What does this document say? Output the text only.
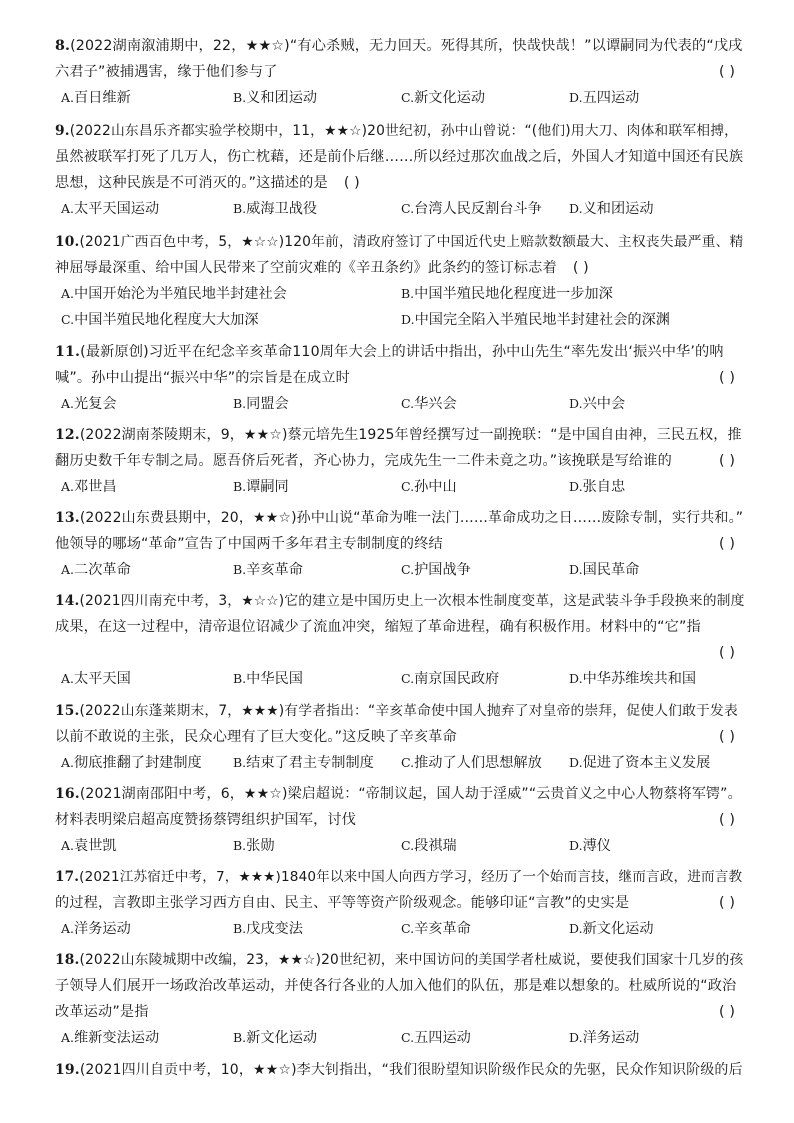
8.(2022湖南溆浦期中，22，★★☆)“有心杀贼，无力回天。死得其所，快哉快哉！”以谭嗣同为代表的“戊戌
六君子”被捕遇害，缘于他们参与了	( )
A.百日维新	B.义和团运动	C.新文化运动	D.五四运动
9.(2022山东昌乐齐都实验学校期中，11，★★☆)20世纪初，孙中山曾说：“(他们)用大刀、肉体和联军相搏，
虽然被联军打死了几万人，伤亡枕藉，还是前仆后继……所以经过那次血战之后，外国人才知道中国还有民族
思想，这种民族是不可消灭的。”这描述的是 ( )
A.太平天国运动	B.威海卫战役	C.台湾人民反割台斗争	D.义和团运动
10.(2021广西百色中考，5，★☆☆)120年前，清政府签订了中国近代史上赔款数额最大、主权丧失最严重、精
神屈辱最深重、给中国人民带来了空前灾难的《辛丑条约》此条约的签订标志着 ( )
A.中国开始沦为半殖民地半封建社会	B.中国半殖民地化程度进一步加深
C.中国半殖民地化程度大大加深	D.中国完全陷入半殖民地半封建社会的深渊
11.(最新原创)习近平在纪念辛亥革命110周年大会上的讲话中指出，孙中山先生“率先发出‘振兴中华’的呐
喊”。孙中山提出“振兴中华”的宗旨是在成立时	( )
A.光复会	B.同盟会	C.华兴会	D.兴中会
12.(2022湖南茶陵期末，9，★★☆)蔡元培先生1925年曾经撰写过一副挽联：“是中国自由神，三民五权，推
翻历史数千年专制之局。愿吾侪后死者，齐心协力，完成先生一二件未竟之功。”该挽联是写给谁的	( )
A.邓世昌	B.谭嗣同	C.孙中山	D.张自忠
13.(2022山东费县期中，20，★★☆)孙中山说“革命为唯一法门……革命成功之日……废除专制，实行共和。”
他领导的哪场“革命”宣告了中国两千多年君主专制制度的终结	( )
A.二次革命	B.辛亥革命	C.护国战争	D.国民革命
14.(2021四川南充中考，3，★☆☆)它的建立是中国历史上一次根本性制度变革，这是武装斗争手段换来的制度
成果，在这一过程中，清帝退位诏减少了流血冲突，缩短了革命进程，确有积极作用。材料中的“它”指
( )
A.太平天国	B.中华民国	C.南京国民政府	D.中华苏维埃共和国
15.(2022山东蓬莱期末，7，★★★)有学者指出：“辛亥革命使中国人抛弃了对皇帝的崇拜，促使人们敢于发表
以前不敢说的主张，民众心理有了巨大变化。”这反映了辛亥革命	( )
A.彻底推翻了封建制度	B.结束了君主专制制度	C.推动了人们思想解放	D.促进了资本主义发展
16.(2021湖南邵阳中考，6，★★☆)梁启超说：“帝制议起，国人劫于淫威”“云贵首义之中心人物蔡将军锷”。
材料表明梁启超高度赞扬蔡锷组织护国军，讨伐	( )
A.袁世凯	B.张勋	C.段祺瑞	D.溥仪
17.(2021江苏宿迁中考，7，★★★)1840年以来中国人向西方学习，经历了一个始而言技，继而言政，进而言教
的过程，言教即主张学习西方自由、民主、平等等资产阶级观念。能够印证“言教”的史实是	( )
A.洋务运动	B.戊戌变法	C.辛亥革命	D.新文化运动
18.(2022山东陵城期中改编，23，★★☆)20世纪初，来中国访问的美国学者杜威说，要使我们国家十几岁的孩
子领导人们展开一场政治改革运动，并使各行各业的人加入他们的队伍，那是难以想象的。杜威所说的“政治
改革运动”是指	( )
A.维新变法运动	B.新文化运动	C.五四运动	D.洋务运动
19.(2021四川自贡中考，10，★★☆)李大钊指出，“我们很盼望知识阶级作民众的先驱，民众作知识阶级的后
